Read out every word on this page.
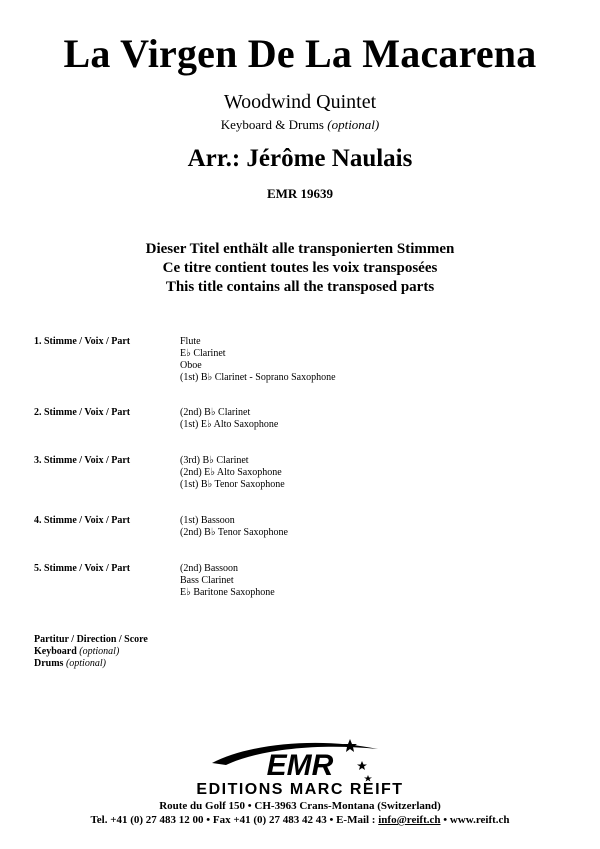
La Virgen De La Macarena
Woodwind Quintet
Keyboard & Drums (optional)
Arr.: Jérôme Naulais
EMR 19639
Dieser Titel enthält alle transponierten Stimmen
Ce titre contient toutes les voix transposées
This title contains all the transposed parts
1. Stimme / Voix / Part	Flute
E♭ Clarinet
Oboe
(1st) B♭ Clarinet - Soprano Saxophone
2. Stimme / Voix / Part	(2nd) B♭ Clarinet
(1st) E♭ Alto Saxophone
3. Stimme / Voix / Part	(3rd) B♭ Clarinet
(2nd) E♭ Alto Saxophone
(1st) B♭ Tenor Saxophone
4. Stimme / Voix / Part	(1st) Bassoon
(2nd) B♭ Tenor Saxophone
5. Stimme / Voix / Part	(2nd) Bassoon
Bass Clarinet
E♭ Baritone Saxophone
Partitur / Direction / Score
Keyboard (optional)
Drums (optional)
EMR
EDITIONS MARC REIFT
Route du Golf 150 • CH-3963 Crans-Montana (Switzerland)
Tel. +41 (0) 27 483 12 00 • Fax +41 (0) 27 483 42 43 • E-Mail : info@reift.ch • www.reift.ch
